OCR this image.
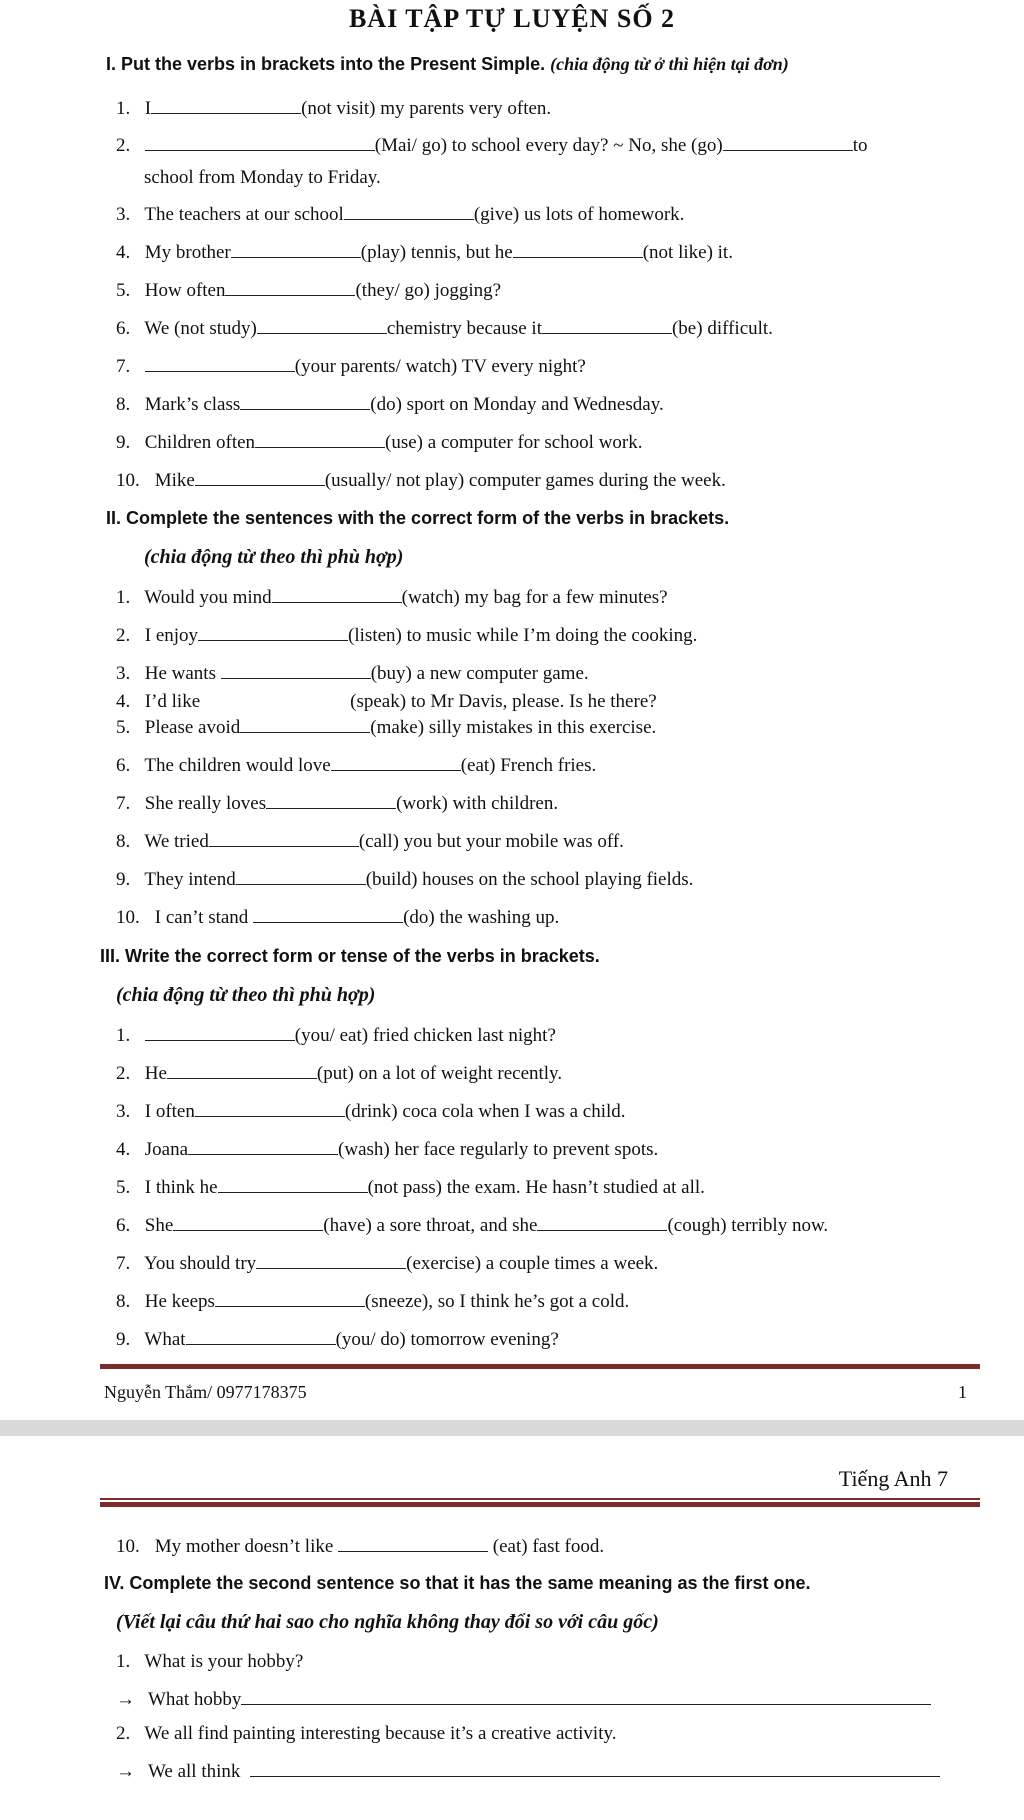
BÀI TẬP TỰ LUYỆN SỐ 2
I. Put the verbs in brackets into the Present Simple. (chia động từ ở thì hiện tại đơn)
1. I	(not visit) my parents very often.
2.	(Mai/ go) to school every day? ~ No, she (go)	to
school from Monday to Friday.
3. The teachers at our school	(give) us lots of homework.
4. My brother	(play) tennis, but he	(not like) it.
5. How often	(they/ go) jogging?
6. We (not study)	chemistry because it	(be) difficult.
7.	(your parents/ watch) TV every night?
8. Mark’s class	(do) sport on Monday and Wednesday.
9. Children often	(use) a computer for school work.
10. Mike	(usually/ not play) computer games during the week.
II. Complete the sentences with the correct form of the verbs in brackets.
(chia động từ theo thì phù hợp)
1. Would you mind	(watch) my bag for a few minutes?
2. I enjoy	(listen) to music while I’m doing the cooking.
3. He wants	(buy) a new computer game.
4. I’d like	(speak) to Mr Davis, please. Is he there?
5. Please avoid	(make) silly mistakes in this exercise.
6. The children would love	(eat) French fries.
7. She really loves	(work) with children.
8. We tried	(call) you but your mobile was off.
9. They intend	(build) houses on the school playing fields.
10. I can’t stand	(do) the washing up.
III. Write the correct form or tense of the verbs in brackets.
(chia động từ theo thì phù hợp)
1.	(you/ eat) fried chicken last night?
2. He	(put) on a lot of weight recently.
3. I often	(drink) coca cola when I was a child.
4. Joana	(wash) her face regularly to prevent spots.
5. I think he	(not pass) the exam. He hasn’t studied at all.
6. She	(have) a sore throat, and she	(cough) terribly now.
7. You should try	(exercise) a couple times a week.
8. He keeps	(sneeze), so I think he’s got a cold.
9. What	(you/ do) tomorrow evening?
Nguyễn Thắm/ 0977178375	1
Tiếng Anh 7
10. My mother doesn’t like	(eat) fast food.
IV. Complete the second sentence so that it has the same meaning as the first one.
(Viết lại câu thứ hai sao cho nghĩa không thay đổi so với câu gốc)
1. What is your hobby?
→ What hobby
2. We all find painting interesting because it’s a creative activity.
→ We all think
